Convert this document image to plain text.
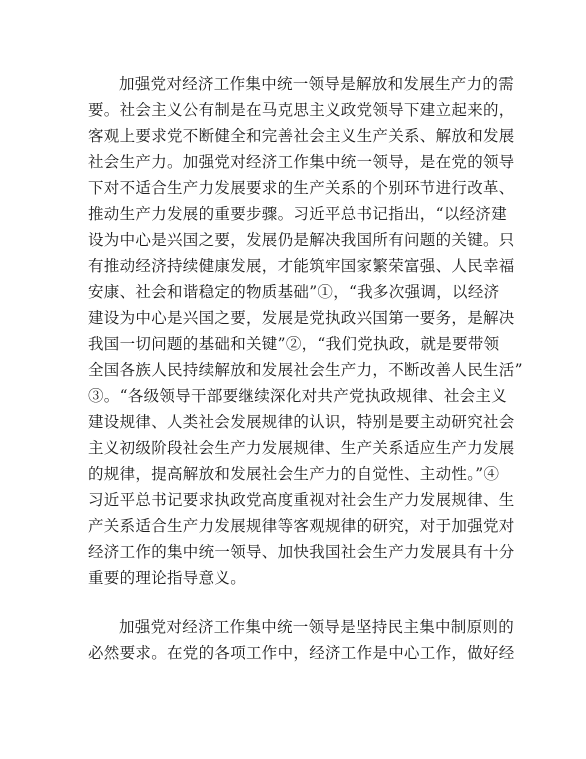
加强党对经济工作集中统一领导是解放和发展生产力的需
要。社会主义公有制是在马克思主义政党领导下建立起来的，
客观上要求党不断健全和完善社会主义生产关系、解放和发展
社会生产力。加强党对经济工作集中统一领导，是在党的领导
下对不适合生产力发展要求的生产关系的个别环节进行改革、
推动生产力发展的重要步骤。习近平总书记指出，“以经济建
设为中心是兴国之要，发展仍是解决我国所有问题的关键。只
有推动经济持续健康发展，才能筑牢国家繁荣富强、人民幸福
安康、社会和谐稳定的物质基础”①，“我多次强调，以经济
建设为中心是兴国之要，发展是党执政兴国第一要务，是解决
我国一切问题的基础和关键”②，“我们党执政，就是要带领
全国各族人民持续解放和发展社会生产力，不断改善人民生活”
③。“各级领导干部要继续深化对共产党执政规律、社会主义
建设规律、人类社会发展规律的认识，特别是要主动研究社会
主义初级阶段社会生产力发展规律、生产关系适应生产力发展
的规律，提高解放和发展社会生产力的自觉性、主动性。”④
习近平总书记要求执政党高度重视对社会生产力发展规律、生
产关系适合生产力发展规律等客观规律的研究，对于加强党对
经济工作的集中统一领导、加快我国社会生产力发展具有十分
重要的理论指导意义。
加强党对经济工作集中统一领导是坚持民主集中制原则的
必然要求。在党的各项工作中，经济工作是中心工作，做好经
